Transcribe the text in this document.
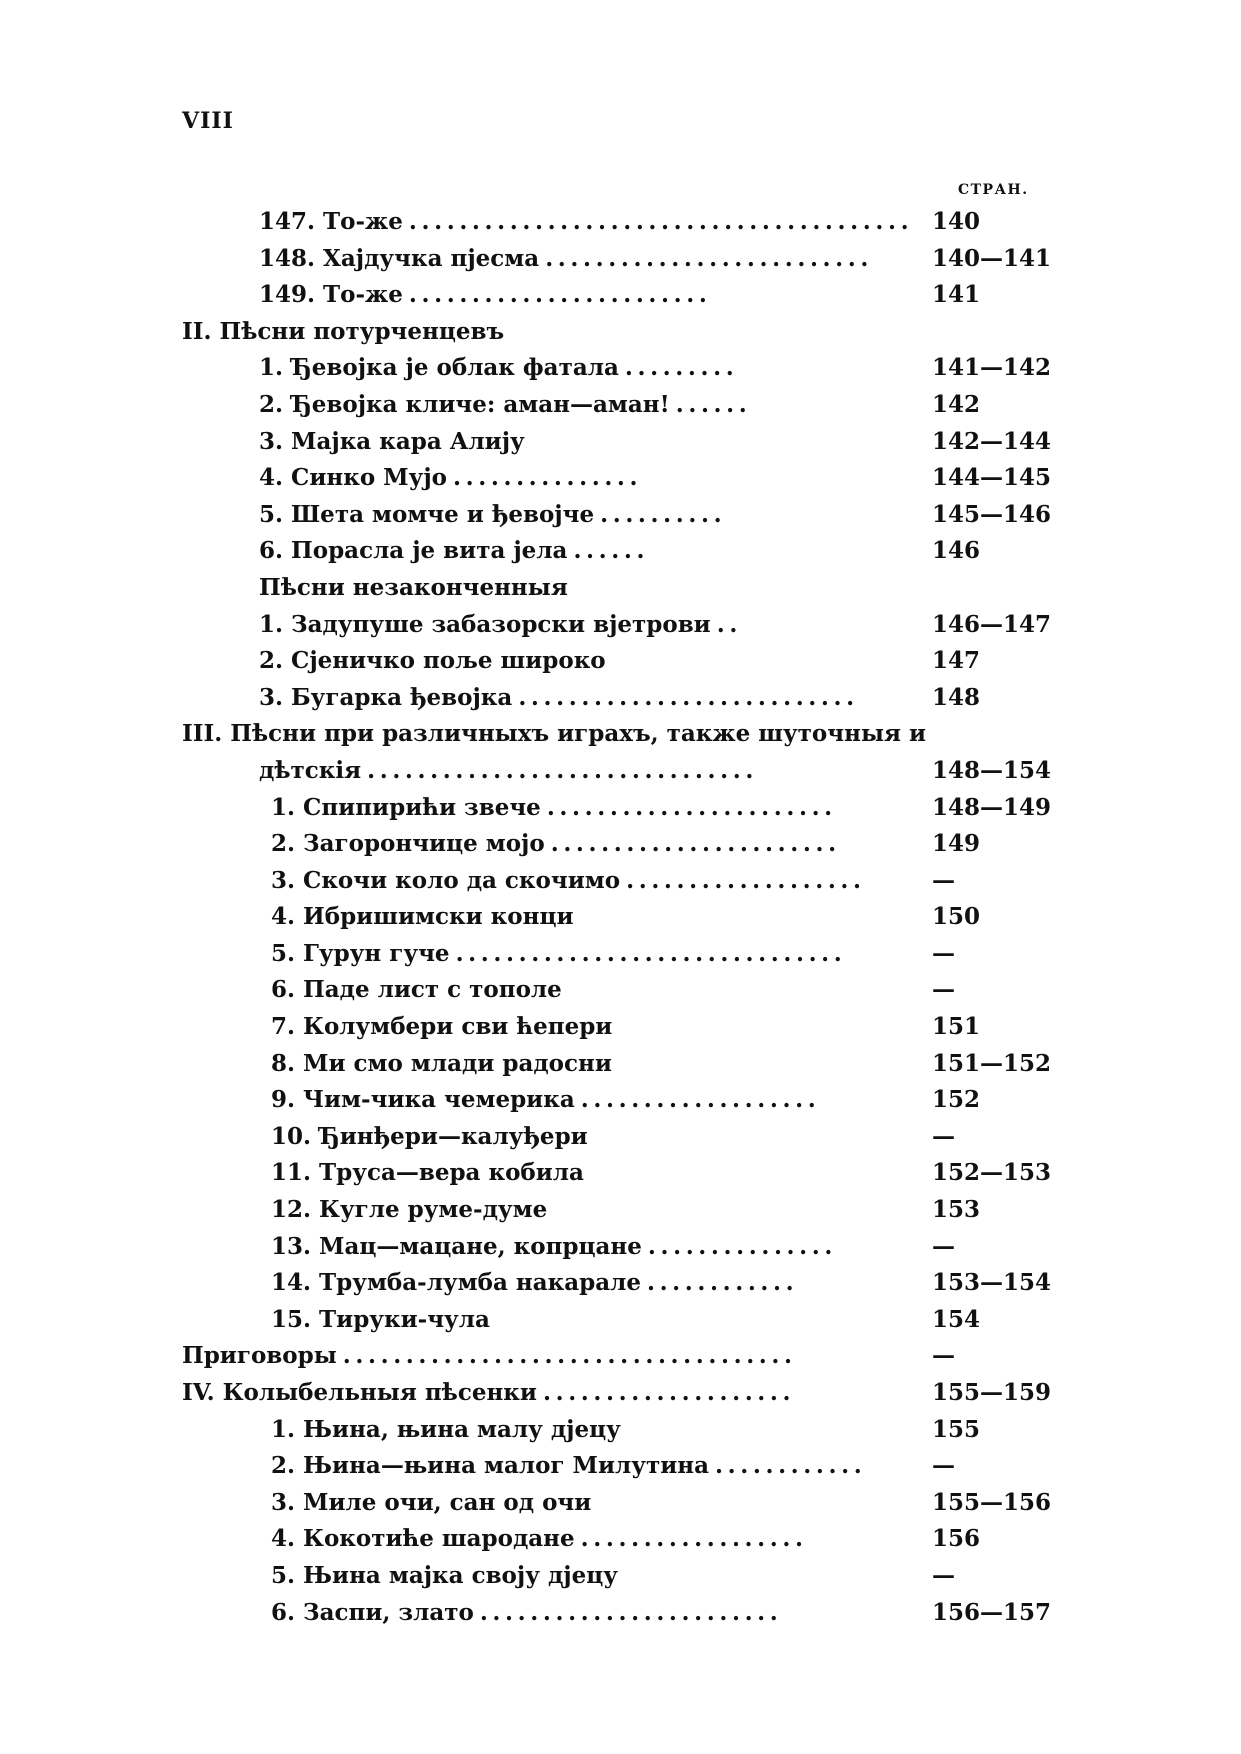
VIII
СТРАН.
147. То-же ........................................ 140
148. Хајдучка пјесма ..........................	140—141
149. То-же ........................	141
II. Пѣсни потурченцевъ
1. Ђевојка је облак фатала .........	141—142
2. Ђевојка кличе: аман—аман! ......	142
3. Мајка кара Алију	142—144
4. Синко Мујо ...............	144—145
5. Шета момче и ђевојче ..........	145—146
6. Порасла је вита јела ......	146
Пѣсни незаконченныя
1. Задупуше забазорски вјетрови ..	146—147
2. Сјеничко поље широко	147
3. Бугарка ђевојка ...........................	148
III. Пѣсни при различныхъ играхъ, также шуточныя и
дѣтскія ...............................	148—154
1. Спипирићи звече .......................	148—149
2. Загорончице мојо .......................	149
3. Скочи коло да скочимо ...................	—
4. Ибришимски конци	150
5. Гурун гуче ...............................	—
6. Паде лист с тополе	—
7. Колумбери сви ћепери	151
8. Ми смо млади радосни	151—152
9. Чим-чика чемерика ...................	152
10. Ђинђери—калуђери	—
11. Труса—вера кобила	152—153
12. Кугле руме-думе	153
13. Мац—мацане, копрцане ...............	—
14. Трумба-лумба накарале ............	153—154
15. Тируки-чула	154
Приговоры ....................................	—
IV. Колыбельныя пѣсенки ....................	155—159
1. Њина, њина малу дјецу	155
2. Њина—њина малог Милутина ............	—
3. Миле очи, сан од очи	155—156
4. Кокотиће шародане ..................	156
5. Њина мајка своју дјецу	—
6. Заспи, злато ........................	156—157
